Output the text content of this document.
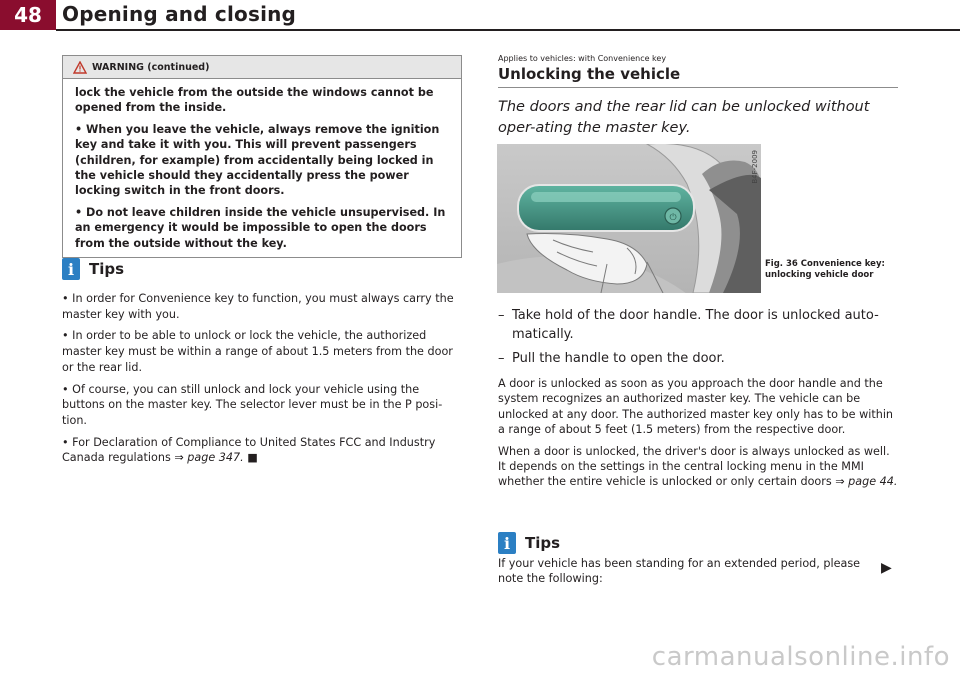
48	Opening and closing
WARNING (continued)

lock the vehicle from the outside the windows cannot be opened from the inside.

• When you leave the vehicle, always remove the ignition key and take it with you. This will prevent passengers (children, for example) from accidentally being locked in the vehicle should they accidentally press the power locking switch in the front doors.

• Do not leave children inside the vehicle unsupervised. In an emergency it would be impossible to open the doors from the outside without the key.

i Tips

• In order for Convenience key to function, you must always carry the master key with you.

• In order to be able to unlock or lock the vehicle, the authorized master key must be within a range of about 1.5 meters from the door or the rear lid.

• Of course, you can still unlock and lock your vehicle using the buttons on the master key. The selector lever must be in the P posi-tion.

• For Declaration of Compliance to United States FCC and Industry Canada regulations ⇒ page 347. ■

Applies to vehicles: with Convenience key
Unlocking the vehicle
The doors and the rear lid can be unlocked without oper-ating the master key.
⏻
B4F-2009
Fig. 36 Convenience key: unlocking vehicle door
– Take hold of the door handle. The door is unlocked auto-matically.
– Pull the handle to open the door.

A door is unlocked as soon as you approach the door handle and the system recognizes an authorized master key. The vehicle can be unlocked at any door. The authorized master key only has to be within a range of about 5 feet (1.5 meters) from the respective door.

When a door is unlocked, the driver's door is always unlocked as well. It depends on the settings in the central locking menu in the MMI whether the entire vehicle is unlocked or only certain doors ⇒ page 44.

i Tips
If your vehicle has been standing for an extended period, please note the following:
▶
carmanualsonline.info
